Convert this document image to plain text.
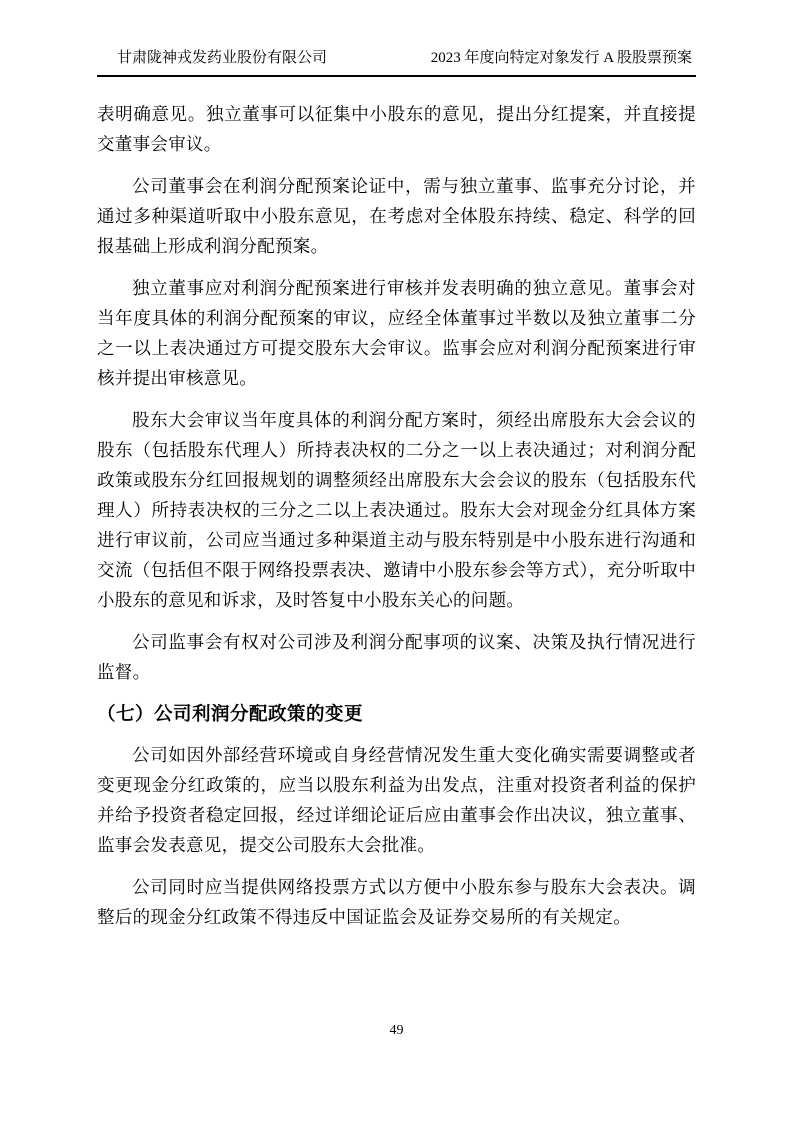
甘肃陇神戎发药业股份有限公司	2023 年度向特定对象发行 A 股股票预案

表明确意见。独立董事可以征集中小股东的意见，提出分红提案，并直接提交董事会审议。

公司董事会在利润分配预案论证中，需与独立董事、监事充分讨论，并通过多种渠道听取中小股东意见，在考虑对全体股东持续、稳定、科学的回报基础上形成利润分配预案。

独立董事应对利润分配预案进行审核并发表明确的独立意见。董事会对当年度具体的利润分配预案的审议，应经全体董事过半数以及独立董事二分之一以上表决通过方可提交股东大会审议。监事会应对利润分配预案进行审核并提出审核意见。

股东大会审议当年度具体的利润分配方案时，须经出席股东大会会议的股东（包括股东代理人）所持表决权的二分之一以上表决通过；对利润分配政策或股东分红回报规划的调整须经出席股东大会会议的股东（包括股东代理人）所持表决权的三分之二以上表决通过。股东大会对现金分红具体方案进行审议前，公司应当通过多种渠道主动与股东特别是中小股东进行沟通和交流（包括但不限于网络投票表决、邀请中小股东参会等方式），充分听取中小股东的意见和诉求，及时答复中小股东关心的问题。

公司监事会有权对公司涉及利润分配事项的议案、决策及执行情况进行监督。

（七）公司利润分配政策的变更

公司如因外部经营环境或自身经营情况发生重大变化确实需要调整或者变更现金分红政策的，应当以股东利益为出发点，注重对投资者利益的保护并给予投资者稳定回报，经过详细论证后应由董事会作出决议，独立董事、监事会发表意见，提交公司股东大会批准。

公司同时应当提供网络投票方式以方便中小股东参与股东大会表决。调整后的现金分红政策不得违反中国证监会及证券交易所的有关规定。

49
